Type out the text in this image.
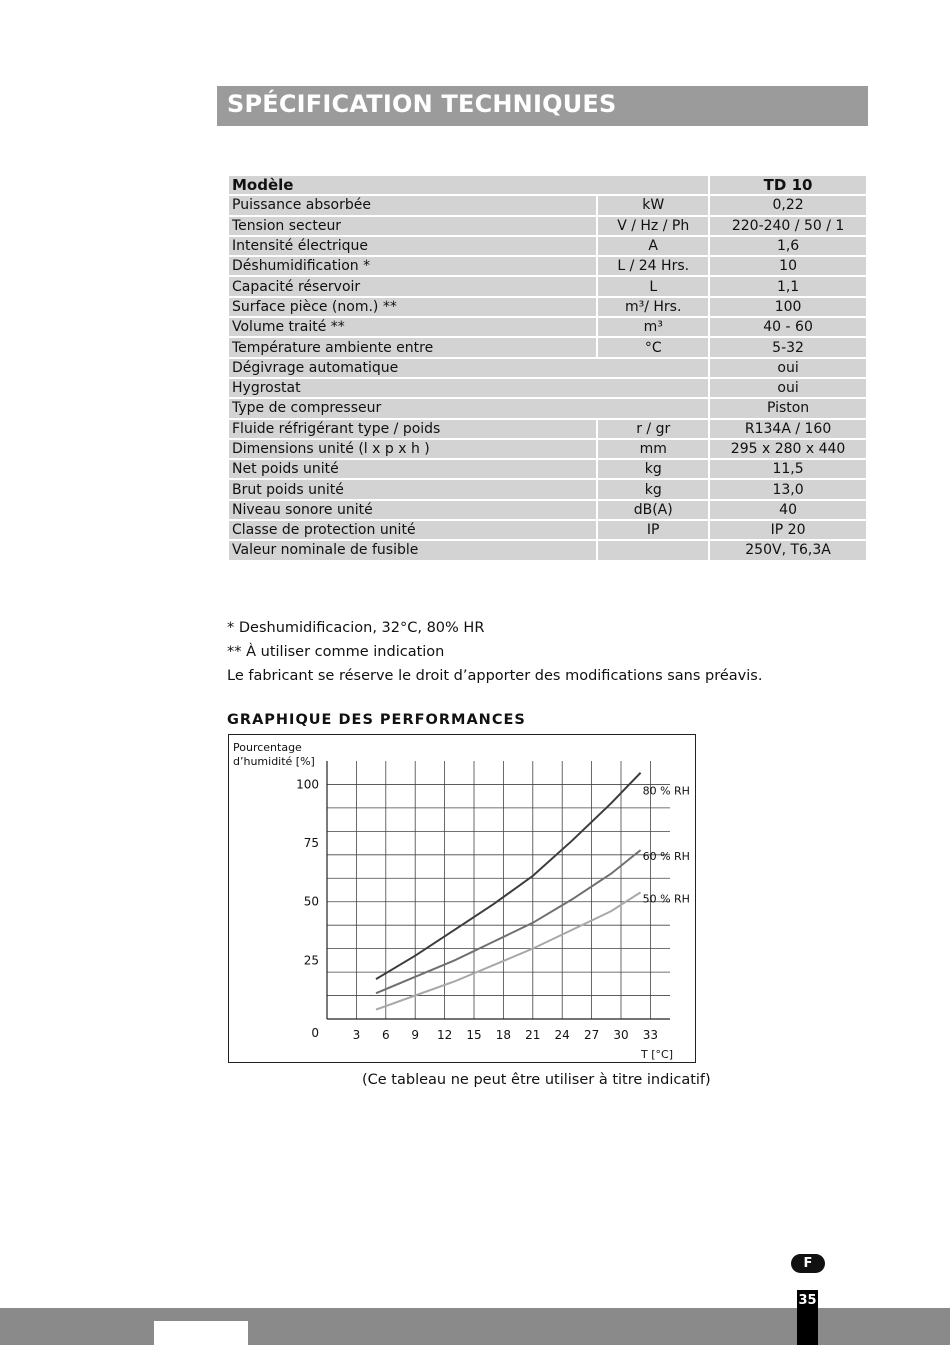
SPÉCIFICATION TECHNIQUES
Modèle		TD 10
Puissance absorbée	kW	0,22
Tension secteur	V / Hz / Ph	220-240 / 50 / 1
Intensité électrique	A	1,6
Déshumidification *	L / 24 Hrs.	10
Capacité réservoir	L	1,1
Surface pièce (nom.) **	m³/ Hrs.	100
Volume traité **	m³	40 - 60
Température ambiente entre	°C	5-32
Dégivrage automatique		oui
Hygrostat		oui
Type de compresseur		Piston
Fluide réfrigérant type / poids	r / gr	R134A / 160
Dimensions unité (l x p x h )	mm	295 x 280 x 440
Net poids unité	kg	11,5
Brut poids unité	kg	13,0
Niveau sonore unité	dB(A)	40
Classe de protection unité	IP	IP 20
Valeur nominale de fusible		250V, T6,3A
* Deshumidificacion, 32°C, 80% HR
** À utiliser comme indication
Le fabricant se réserve le droit d’apporter des modifications sans préavis.
GRAPHIQUE DES PERFORMANCES
0
25
50
75
100
3 6 9 12 15 18 21 24 27 30 33
Pourcentage
d’humidité [%]
T [°C]
80 % RH
60 % RH
50 % RH
(Ce tableau ne peut être utiliser à titre indicatif)
F
35
